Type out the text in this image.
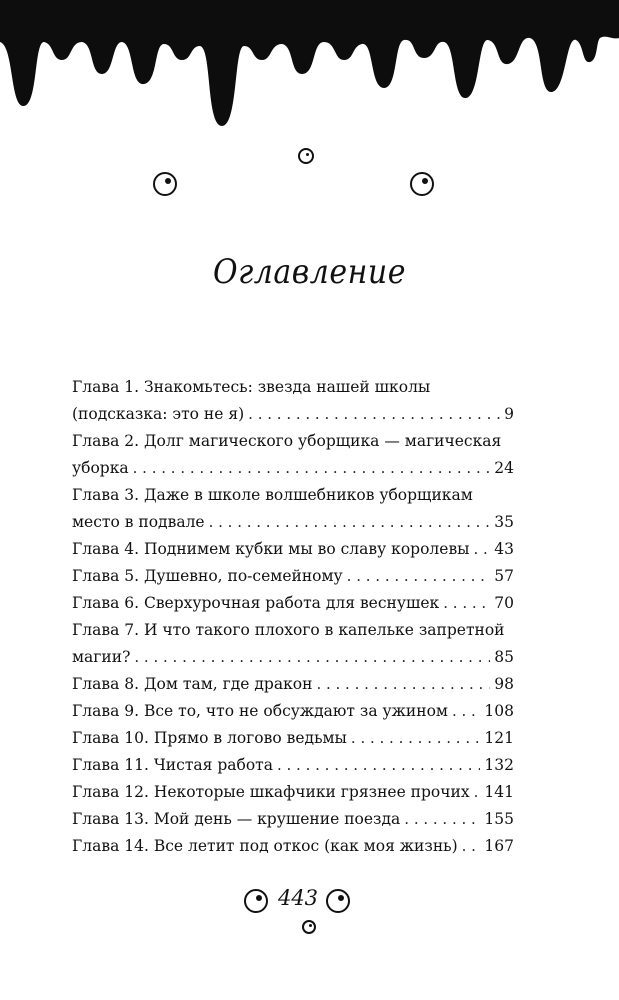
Оглавление
Глава 1. Знакомьтесь: звезда нашей школы
(подсказка: это не я) . . .	9
Глава 2. Долг магического уборщика — магическая
уборка . . .	24
Глава 3. Даже в школе волшебников уборщикам
место в подвале . . .	35
Глава 4. Поднимем кубки мы во славу королевы . . . 43
Глава 5. Душевно, по-семейному . . .	57
Глава 6. Сверхурочная работа для веснушек . . .	70
Глава 7. И что такого плохого в капельке запретной
магии? . . .	85
Глава 8. Дом там, где дракон . . .	98
Глава 9. Все то, что не обсуждают за ужином . . . 108
Глава 10. Прямо в логово ведьмы . . .	121
Глава 11. Чистая работа . . .	132
Глава 12. Некоторые шкафчики грязнее прочих . . . 141
Глава 13. Мой день — крушение поезда . . .	155
Глава 14. Все летит под откос (как моя жизнь) . . . 167
443
